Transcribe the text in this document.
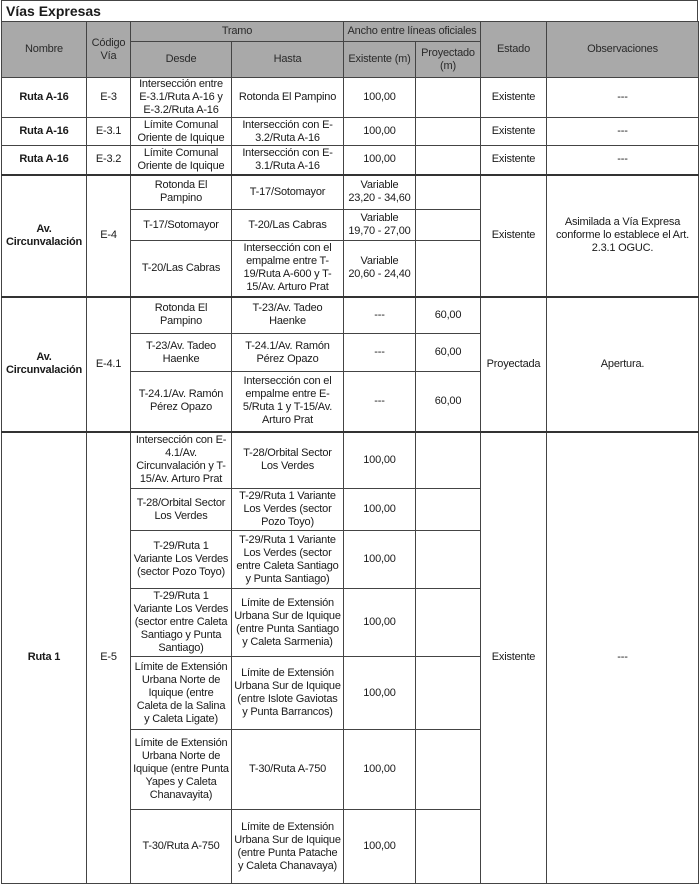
Vías Expresas
Nombre	Código Vía	Tramo		Ancho entre líneas oficiales		Estado	Observaciones
		Desde	Hasta	Existente (m)	Proyectado (m)		
Ruta A-16	E-3	Intersección entre E-3.1/Ruta A-16 y E-3.2/Ruta A-16	Rotonda El Pampino	100,00		Existente	---
Ruta A-16	E-3.1	Límite Comunal Oriente de Iquique	Intersección con E-3.2/Ruta A-16	100,00		Existente	---
Ruta A-16	E-3.2	Límite Comunal Oriente de Iquique	Intersección con E-3.1/Ruta A-16	100,00		Existente	---
Av. Circunvalación	E-4	Rotonda El Pampino	T-17/Sotomayor	Variable 23,20 - 34,60		Existente	Asimilada a Vía Expresa conforme lo establece el Art. 2.3.1 OGUC.
		T-17/Sotomayor	T-20/Las Cabras	Variable 19,70 - 27,00			
		T-20/Las Cabras	Intersección con el empalme entre T-19/Ruta A-600 y T-15/Av. Arturo Prat	Variable 20,60 - 24,40			
Av. Circunvalación	E-4.1	Rotonda El Pampino	T-23/Av. Tadeo Haenke	---	60,00	Proyectada	Apertura.
		T-23/Av. Tadeo Haenke	T-24.1/Av. Ramón Pérez Opazo	---	60,00		
		T-24.1/Av. Ramón Pérez Opazo	Intersección con el empalme entre E-5/Ruta 1 y T-15/Av. Arturo Prat	---	60,00		
Ruta 1	E-5	Intersección con E-4.1/Av. Circunvalación y T-15/Av. Arturo Prat	T-28/Orbital Sector Los Verdes	100,00		Existente	---
		T-28/Orbital Sector Los Verdes	T-29/Ruta 1 Variante Los Verdes (sector Pozo Toyo)	100,00			
		T-29/Ruta 1 Variante Los Verdes (sector Pozo Toyo)	T-29/Ruta 1 Variante Los Verdes (sector entre Caleta Santiago y Punta Santiago)	100,00			
		T-29/Ruta 1 Variante Los Verdes (sector entre Caleta Santiago y Punta Santiago)	Límite de Extensión Urbana Sur de Iquique (entre Punta Santiago y Caleta Sarmenia)	100,00			
		Límite de Extensión Urbana Norte de Iquique (entre Caleta de la Salina y Caleta Ligate)	Límite de Extensión Urbana Sur de Iquique (entre Islote Gaviotas y Punta Barrancos)	100,00			
		Límite de Extensión Urbana Norte de Iquique (entre Punta Yapes y Caleta Chanavayita)	T-30/Ruta A-750	100,00			
		T-30/Ruta A-750	Límite de Extensión Urbana Sur de Iquique (entre Punta Patache y Caleta Chanavaya)	100,00			
